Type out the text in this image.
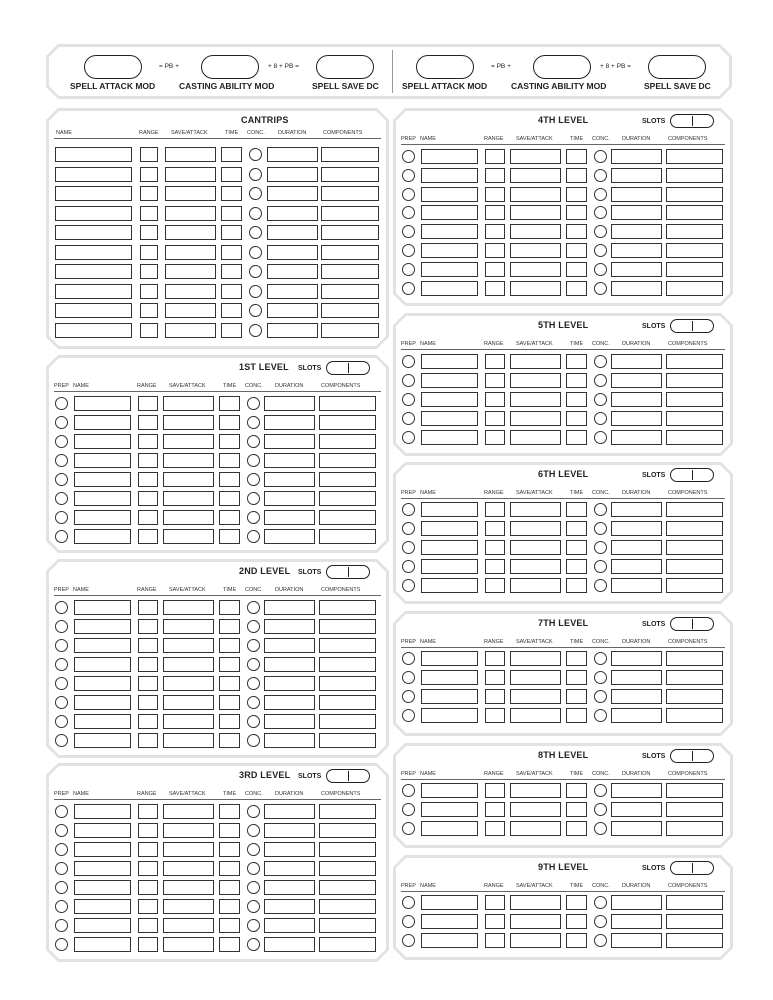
= PB +	+ 8 + PB =
SPELL ATTACK MOD	CASTING ABILITY MOD	SPELL SAVE DC
= PB +	+ 8 + PB =
SPELL ATTACK MOD	CASTING ABILITY MOD	SPELL SAVE DC
CANTRIPS
NAME	RANGE SAVE/ATTACK	TIME CONC. DURATION	COMPONENTS
1ST LEVEL SLOTS
PREP NAME	RANGE SAVE/ATTACK	TIME CONC. DURATION	COMPONENTS
2ND LEVEL SLOTS
PREP NAME	RANGE SAVE/ATTACK	TIME CONC. DURATION	COMPONENTS
3RD LEVEL SLOTS
PREP NAME	RANGE SAVE/ATTACK	TIME CONC. DURATION	COMPONENTS
4TH LEVEL	SLOTS
PREP NAME	RANGE SAVE/ATTACK	TIME CONC. DURATION	COMPONENTS
5TH LEVEL	SLOTS
PREP NAME	RANGE SAVE/ATTACK	TIME CONC. DURATION	COMPONENTS
6TH LEVEL	SLOTS
PREP NAME	RANGE SAVE/ATTACK	TIME CONC. DURATION	COMPONENTS
7TH LEVEL	SLOTS
PREP NAME	RANGE SAVE/ATTACK	TIME CONC. DURATION	COMPONENTS
8TH LEVEL	SLOTS
PREP NAME	RANGE SAVE/ATTACK	TIME CONC. DURATION	COMPONENTS
9TH LEVEL	SLOTS
PREP NAME	RANGE SAVE/ATTACK	TIME CONC. DURATION	COMPONENTS
